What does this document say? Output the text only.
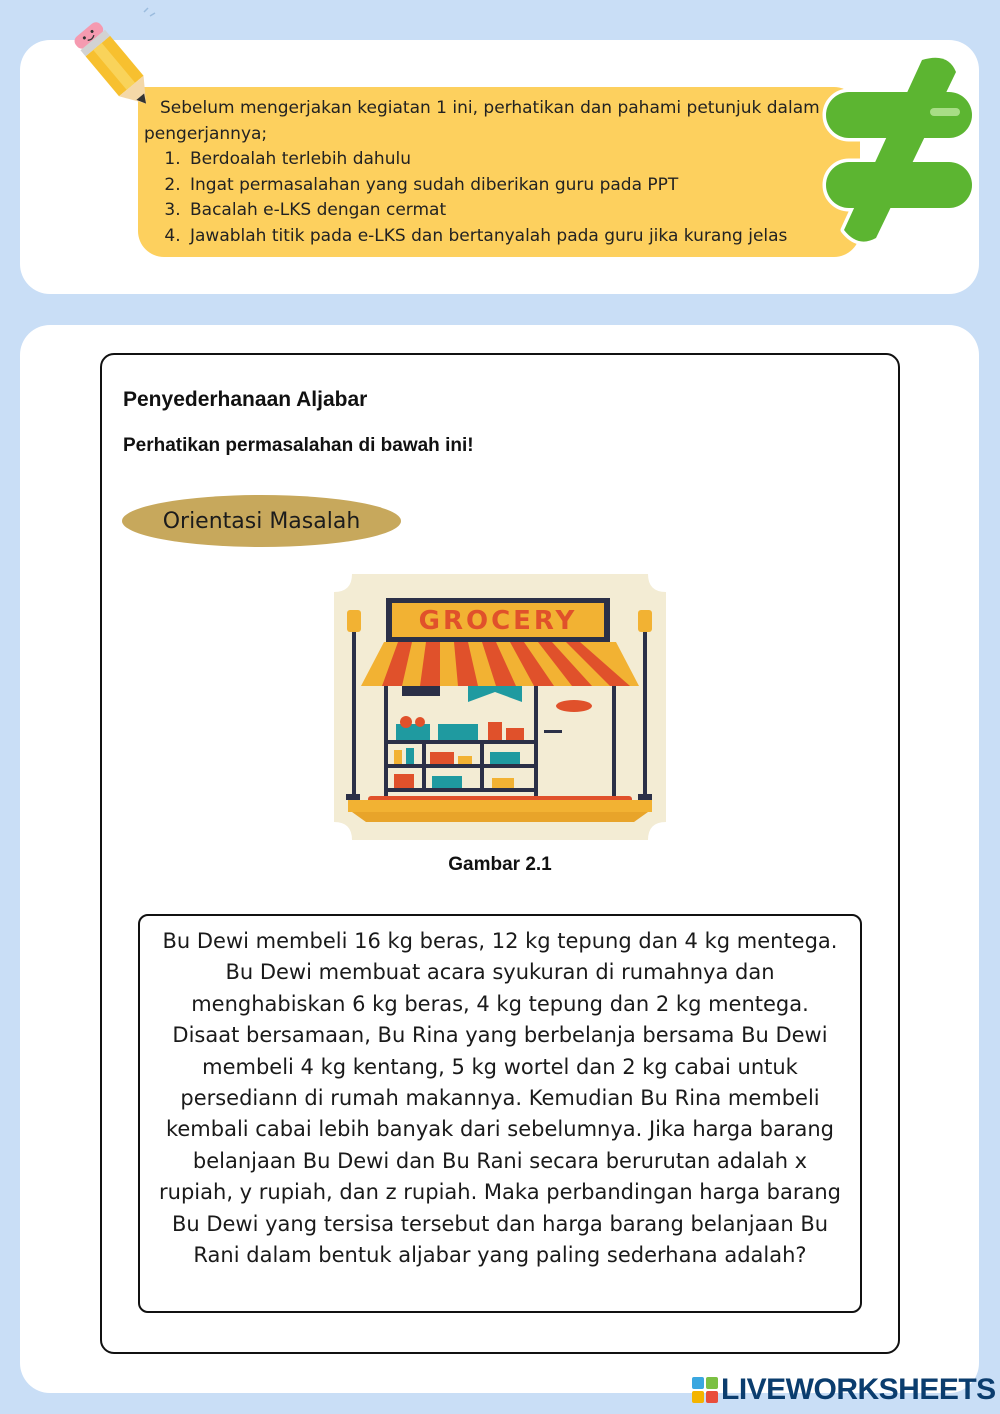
Sebelum mengerjakan kegiatan 1 ini, perhatikan dan pahami petunjuk dalam pengerjannya;

1. Berdoalah terlebih dahulu
2. Ingat permasalahan yang sudah diberikan guru pada PPT
3. Bacalah e-LKS dengan cermat
4. Jawablah titik pada e-LKS dan bertanyalah pada guru jika kurang jelas
Penyederhanaan Aljabar
Perhatikan permasalahan di bawah ini!
Orientasi Masalah
GROCERY
Gambar 2.1
Bu Dewi membeli 16 kg beras, 12 kg tepung dan 4 kg mentega. Bu Dewi membuat acara syukuran di rumahnya dan menghabiskan 6 kg beras, 4 kg tepung dan 2 kg mentega. Disaat bersamaan, Bu Rina yang berbelanja bersama Bu Dewi membeli 4 kg kentang, 5 kg wortel dan 2 kg cabai untuk persediann di rumah makannya. Kemudian Bu Rina membeli kembali cabai lebih banyak dari sebelumnya. Jika harga barang belanjaan Bu Dewi dan Bu Rani secara berurutan adalah x rupiah, y rupiah, dan z rupiah. Maka perbandingan harga barang Bu Dewi yang tersisa tersebut dan harga barang belanjaan Bu Rani dalam bentuk aljabar yang paling sederhana adalah?
LIVEWORKSHEETS
